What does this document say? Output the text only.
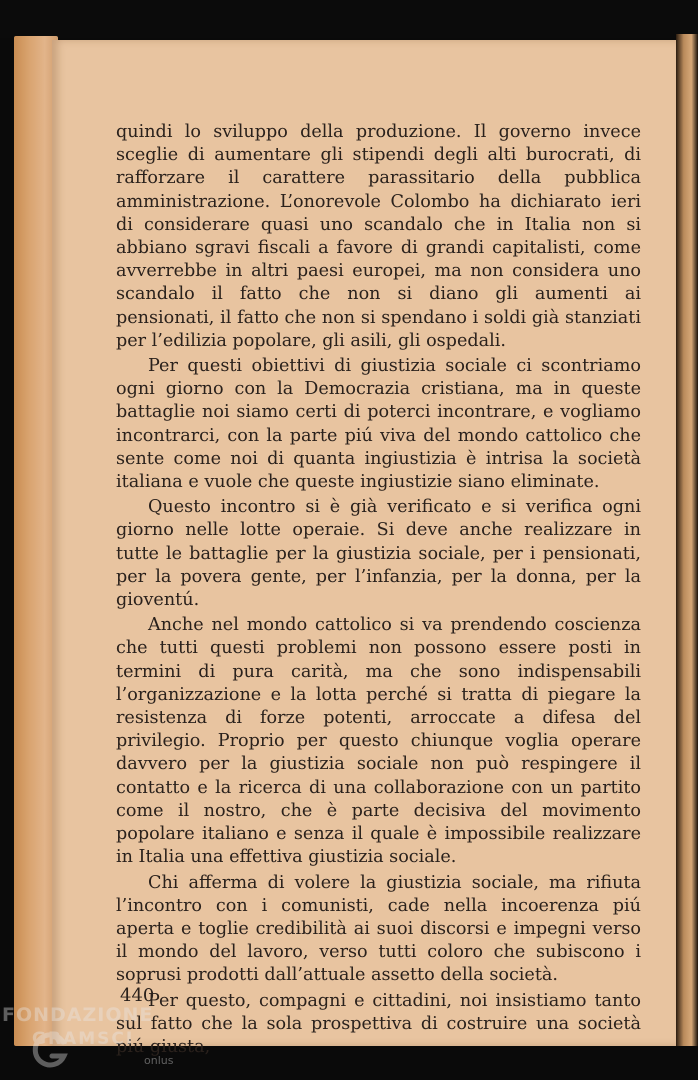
quindi lo sviluppo della produzione. Il governo invece sceglie di aumentare gli stipendi degli alti burocrati, di rafforzare il carattere parassitario della pubblica amministrazione. L’onorevole Colombo ha dichiarato ieri di considerare quasi uno scandalo che in Italia non si abbiano sgravi fiscali a favore di grandi capitalisti, come avverrebbe in altri paesi europei, ma non considera uno scandalo il fatto che non si diano gli aumenti ai pensionati, il fatto che non si spendano i soldi già stanziati per l’edilizia popolare, gli asili, gli ospedali.

Per questi obiettivi di giustizia sociale ci scontriamo ogni giorno con la Democrazia cristiana, ma in queste battaglie noi siamo certi di poterci incontrare, e vogliamo incontrarci, con la parte piú viva del mondo cattolico che sente come noi di quanta ingiustizia è intrisa la società italiana e vuole che queste ingiustizie siano eliminate.

Questo incontro si è già verificato e si verifica ogni giorno nelle lotte operaie. Si deve anche realizzare in tutte le battaglie per la giustizia sociale, per i pensionati, per la povera gente, per l’infanzia, per la donna, per la gioventú.

Anche nel mondo cattolico si va prendendo coscienza che tutti questi problemi non possono essere posti in termini di pura carità, ma che sono indispensabili l’organizzazione e la lotta perché si tratta di piegare la resistenza di forze potenti, arroccate a difesa del privilegio. Proprio per questo chiunque voglia operare davvero per la giustizia sociale non può respingere il contatto e la ricerca di una collaborazione con un partito come il nostro, che è parte decisiva del movimento popolare italiano e senza il quale è impossibile realizzare in Italia una effettiva giustizia sociale.

Chi afferma di volere la giustizia sociale, ma rifiuta l’incontro con i comunisti, cade nella incoerenza piú aperta e toglie credibilità ai suoi discorsi e impegni verso il mondo del lavoro, verso tutti coloro che subiscono i soprusi prodotti dall’attuale assetto della società.

Per questo, compagni e cittadini, noi insistiamo tanto sul fatto che la sola prospettiva di costruire una società piú giusta,

440
FONDAZIONE
GRAMSCI
onlus
